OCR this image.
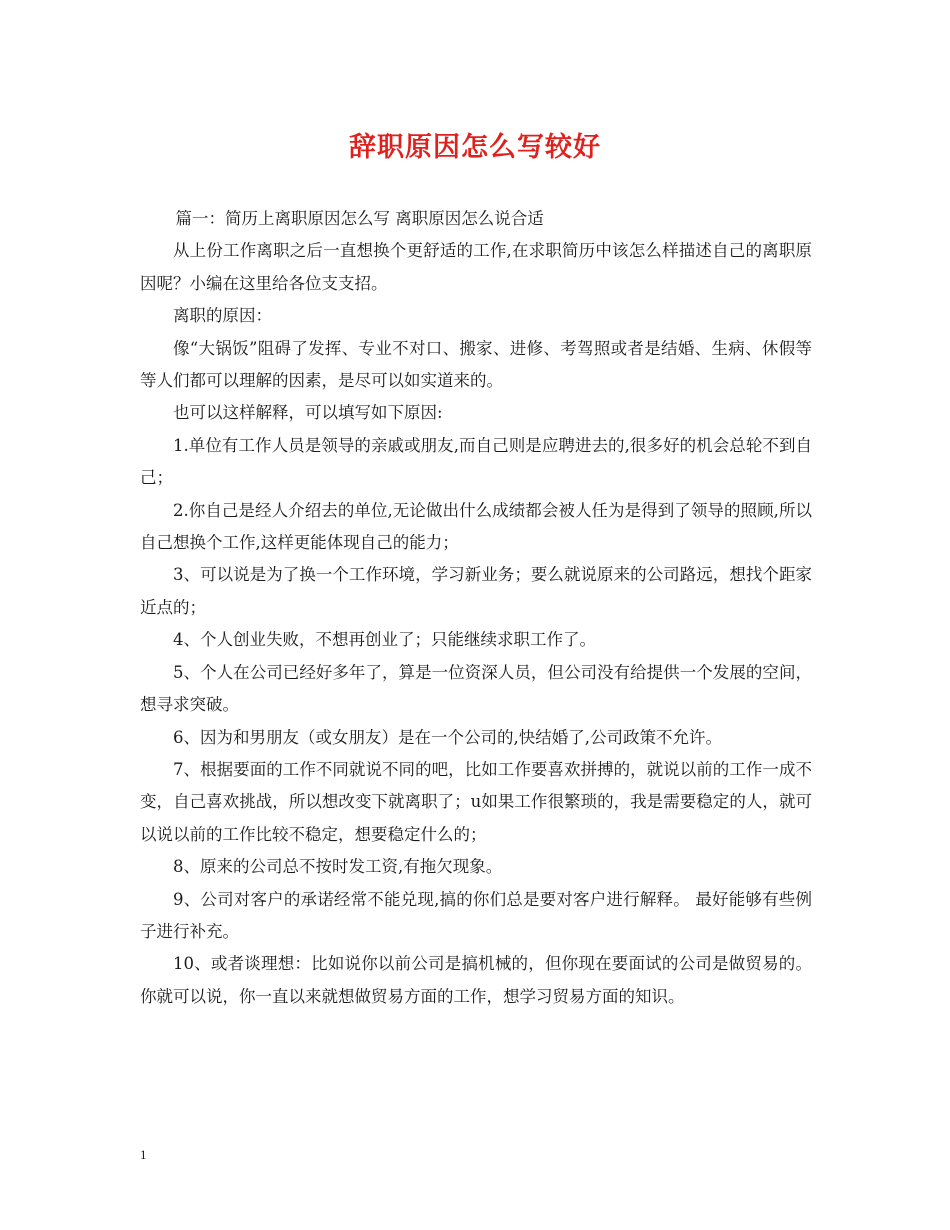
辞职原因怎么写较好

篇一：简历上离职原因怎么写 离职原因怎么说合适

从上份工作离职之后一直想换个更舒适的工作,在求职简历中该怎么样描述自己的离职原因呢？小编在这里给各位支支招。

离职的原因：

像“大锅饭”阻碍了发挥、专业不对口、搬家、进修、考驾照或者是结婚、生病、休假等等人们都可以理解的因素，是尽可以如实道来的。

也可以这样解释，可以填写如下原因:

1.单位有工作人员是领导的亲戚或朋友,而自己则是应聘进去的,很多好的机会总轮不到自己；

2.你自己是经人介绍去的单位,无论做出什么成绩都会被人任为是得到了领导的照顾,所以自己想换个工作,这样更能体现自己的能力；

3、可以说是为了换一个工作环境，学习新业务；要么就说原来的公司路远，想找个距家近点的；

4、个人创业失败，不想再创业了；只能继续求职工作了。

5、个人在公司已经好多年了，算是一位资深人员，但公司没有给提供一个发展的空间，想寻求突破。

6、因为和男朋友（或女朋友）是在一个公司的,快结婚了,公司政策不允许。

7、根据要面的工作不同就说不同的吧，比如工作要喜欢拼搏的，就说以前的工作一成不变，自己喜欢挑战，所以想改变下就离职了；u如果工作很繁琐的，我是需要稳定的人，就可以说以前的工作比较不稳定，想要稳定什么的；

8、原来的公司总不按时发工资,有拖欠现象。

9、公司对客户的承诺经常不能兑现,搞的你们总是要对客户进行解释。 最好能够有些例子进行补充。

10、或者谈理想：比如说你以前公司是搞机械的，但你现在要面试的公司是做贸易的。你就可以说，你一直以来就想做贸易方面的工作，想学习贸易方面的知识。

1
